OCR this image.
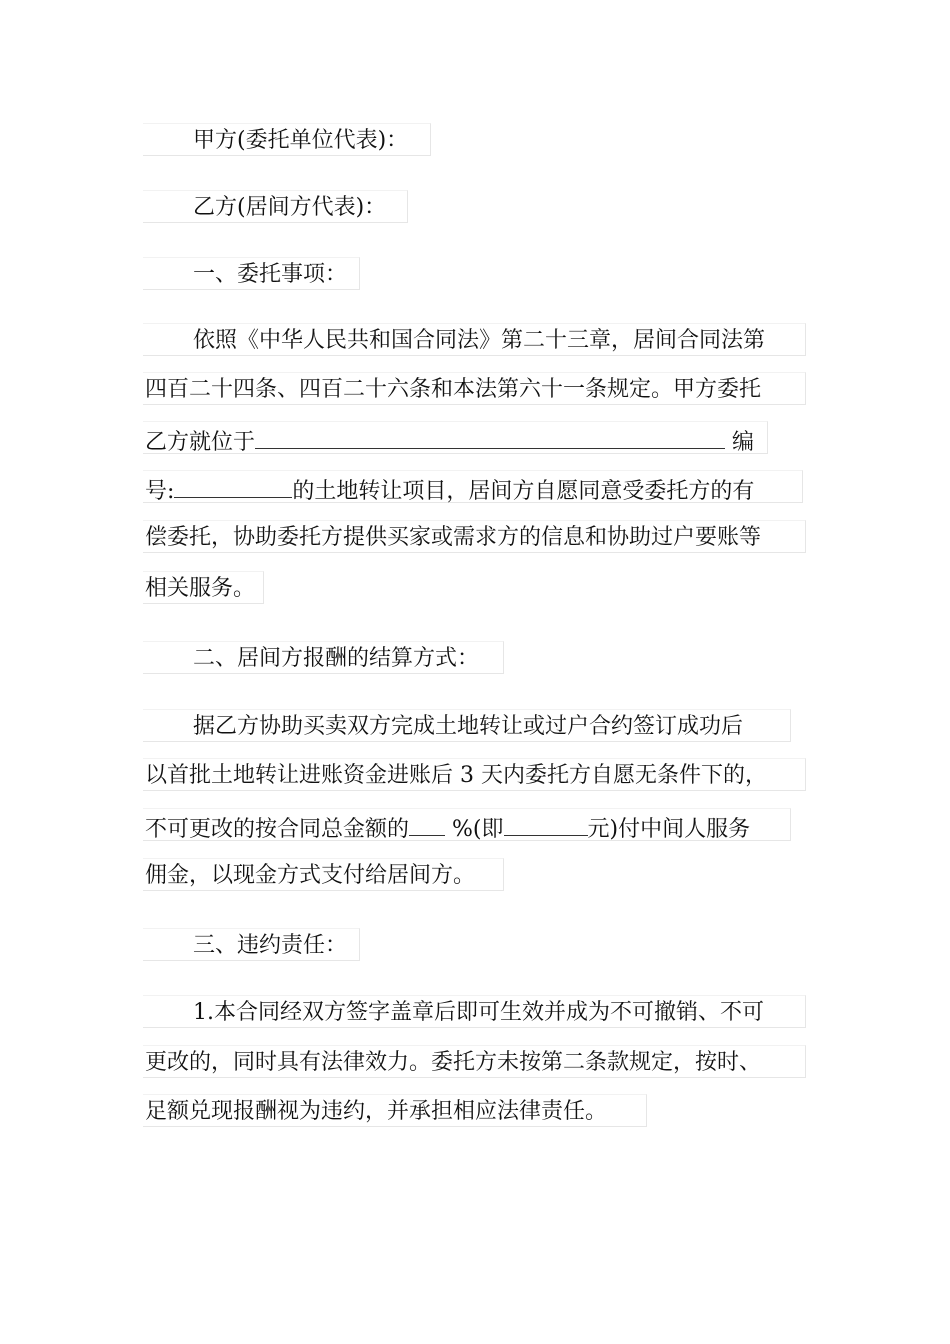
甲方(委托单位代表)：
乙方(居间方代表)：
一、委托事项：
依照《中华人民共和国合同法》第二十三章，居间合同法第
四百二十四条、四百二十六条和本法第六十一条规定。甲方委托
乙方就位于	编
号:	的土地转让项目，居间方自愿同意受委托方的有
偿委托，协助委托方提供买家或需求方的信息和协助过户要账等
相关服务。
二、居间方报酬的结算方式：
据乙方协助买卖双方完成土地转让或过户合约签订成功后
以首批土地转让进账资金进账后 3 天内委托方自愿无条件下的，
不可更改的按合同总金额的 %(即	元)付中间人服务
佣金，以现金方式支付给居间方。
三、违约责任：
1.本合同经双方签字盖章后即可生效并成为不可撤销、不可
更改的，同时具有法律效力。委托方未按第二条款规定，按时、
足额兑现报酬视为违约，并承担相应法律责任。
